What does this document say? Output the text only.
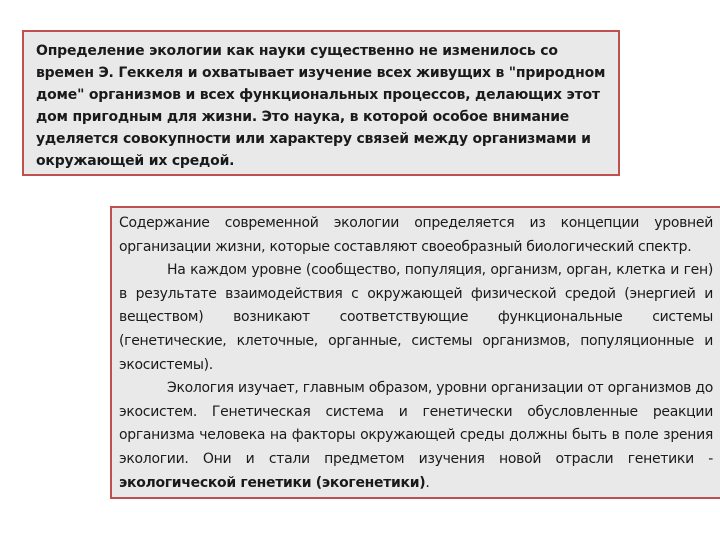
Определение экологии как науки существенно не изменилось со времен Э. Геккеля и охватывает изучение всех живущих в "природном доме" организмов и всех функциональных процессов, делающих этот дом пригодным для жизни. Это наука, в которой особое внимание уделяется совокупности или характеру связей между организмами и окружающей их средой.

Содержание современной экологии определяется из концепции уровней организации жизни, которые составляют своеобразный биологический спектр.

На каждом уровне (сообщество, популяция, организм, орган, клетка и ген) в результате взаимодействия с окружающей физической средой (энергией и веществом) возникают соответствующие функциональные системы (генетические, клеточные, органные, системы организмов, популяционные и экосистемы).

Экология изучает, главным образом, уровни организации от организмов до экосистем. Генетическая система и генетически обусловленные реакции организма человека на факторы окружающей среды должны быть в поле зрения экологии. Они и стали предметом изучения новой отрасли генетики - экологической генетики (экогенетики).
